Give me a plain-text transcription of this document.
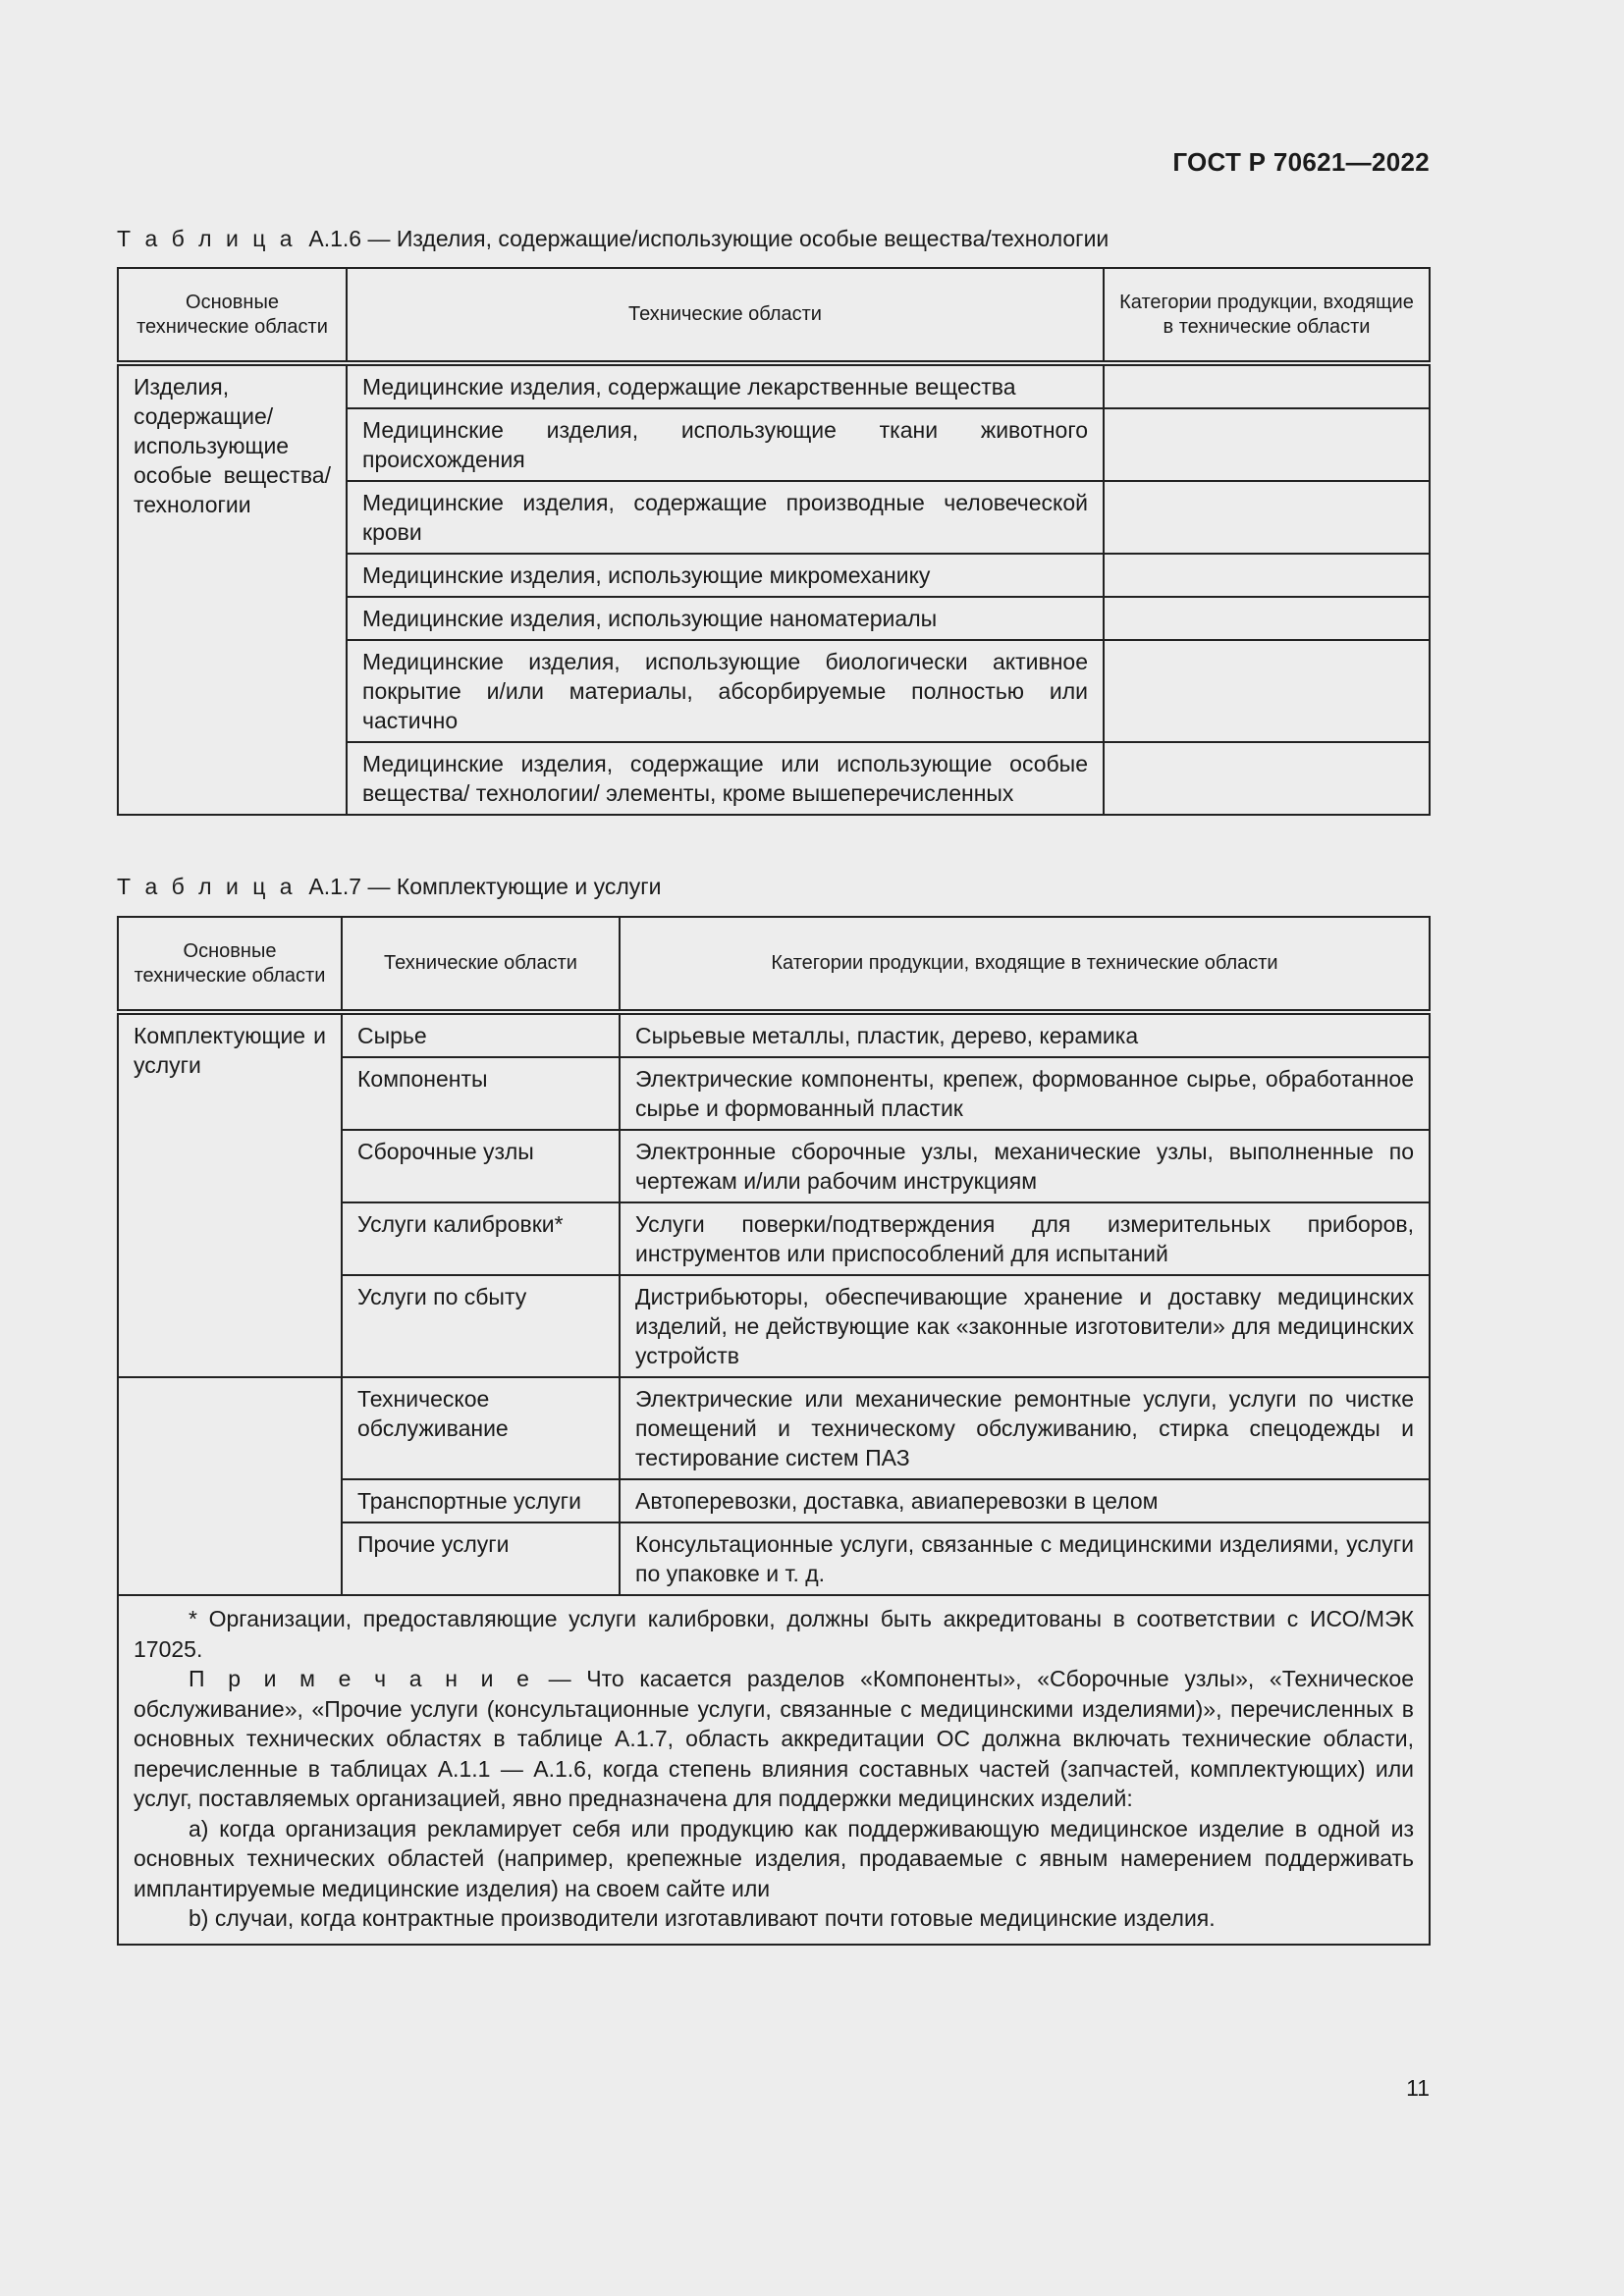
ГОСТ Р 70621—2022
Т а б л и ц а А.1.6 — Изделия, содержащие/использующие особые вещества/технологии
Основные технические области	Технические области	Категории продукции, входящие в технические области
Изделия, содержащие/использующие особые вещества/ технологии	Медицинские изделия, содержащие лекарственные вещества	
	Медицинские изделия, использующие ткани животного происхождения	
	Медицинские изделия, содержащие производные человеческой крови	
	Медицинские изделия, использующие микромеханику	
	Медицинские изделия, использующие наноматериалы	
	Медицинские изделия, использующие биологически активное покрытие и/или материалы, абсорбируемые полностью или частично	
	Медицинские изделия, содержащие или использующие особые вещества/ технологии/ элементы, кроме вышеперечисленных	
Т а б л и ц а А.1.7 — Комплектующие и услуги
Основные технические области	Технические области	Категории продукции, входящие в технические области
Комплектующие и услуги	Сырье	Сырьевые металлы, пластик, дерево, керамика
	Компоненты	Электрические компоненты, крепеж, формованное сырье, обработанное сырье и формованный пластик
	Сборочные узлы	Электронные сборочные узлы, механические узлы, выполненные по чертежам и/или рабочим инструкциям
	Услуги калибровки*	Услуги поверки/подтверждения для измерительных приборов, инструментов или приспособлений для испытаний
	Услуги по сбыту	Дистрибьюторы, обеспечивающие хранение и доставку медицинских изделий, не действующие как «законные изготовители» для медицинских устройств
	Техническое обслуживание	Электрические или механические ремонтные услуги, услуги по чистке помещений и техническому обслуживанию, стирка спецодежды и тестирование систем ПАЗ
	Транспортные услуги	Автоперевозки, доставка, авиаперевозки в целом
	Прочие услуги	Консультационные услуги, связанные с медицинскими изделиями, услуги по упаковке и т. д.

* Организации, предоставляющие услуги калибровки, должны быть аккредитованы в соответствии с ИСО/МЭК 17025.

П р и м е ч а н и е — Что касается разделов «Компоненты», «Сборочные узлы», «Техническое обслуживание», «Прочие услуги (консультационные услуги, связанные с медицинскими изделиями)», перечисленных в основных технических областях в таблице А.1.7, область аккредитации ОС должна включать технические области, перечисленные в таблицах А.1.1 — А.1.6, когда степень влияния составных частей (запчастей, комплектующих) или услуг, поставляемых организацией, явно предназначена для поддержки медицинских изделий:

a) когда организация рекламирует себя или продукцию как поддерживающую медицинское изделие в одной из основных технических областей (например, крепежные изделия, продаваемые с явным намерением поддерживать имплантируемые медицинские изделия) на своем сайте или

b) случаи, когда контрактные производители изготавливают почти готовые медицинские изделия.		

11
